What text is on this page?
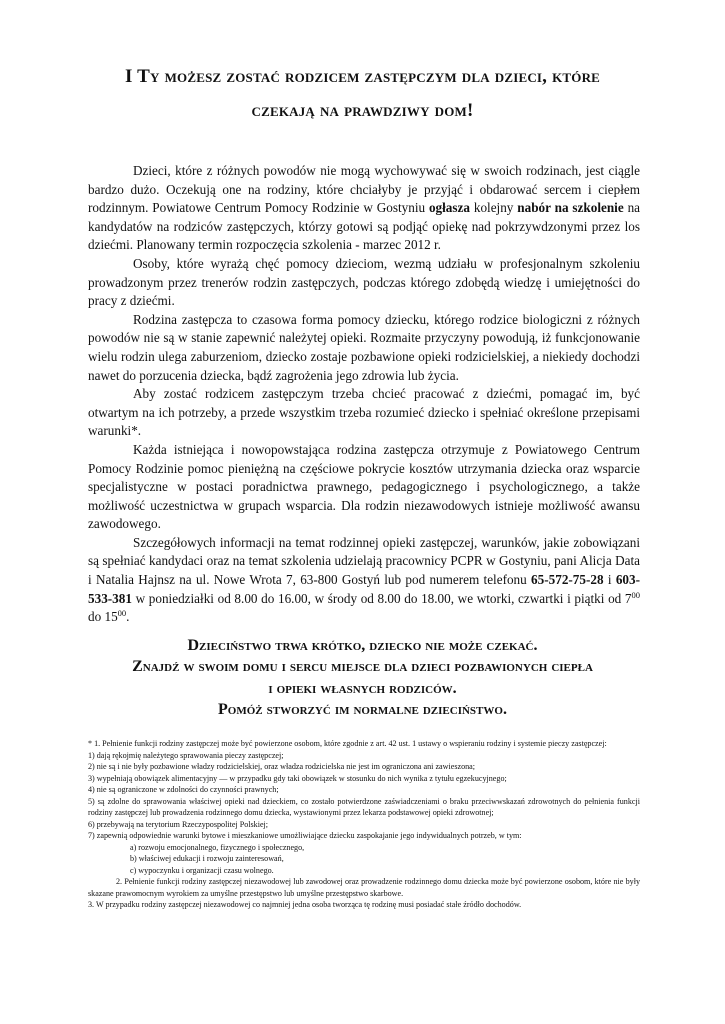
I Ty możesz zostać rodzicem zastępczym dla dzieci, które
czekają na prawdziwy dom!

Dzieci, które z różnych powodów nie mogą wychowywać się w swoich rodzinach, jest ciągle bardzo dużo. Oczekują one na rodziny, które chciałyby je przyjąć i obdarować sercem i ciepłem rodzinnym. Powiatowe Centrum Pomocy Rodzinie w Gostyniu ogłasza kolejny nabór na szkolenie na kandydatów na rodziców zastępczych, którzy gotowi są podjąć opiekę nad pokrzywdzonymi przez los dziećmi. Planowany termin rozpoczęcia szkolenia - marzec 2012 r.

Osoby, które wyrażą chęć pomocy dzieciom, wezmą udziału w profesjonalnym szkoleniu prowadzonym przez trenerów rodzin zastępczych, podczas którego zdobędą wiedzę i umiejętności do pracy z dziećmi.

Rodzina zastępcza to czasowa forma pomocy dziecku, którego rodzice biologiczni z różnych powodów nie są w stanie zapewnić należytej opieki. Rozmaite przyczyny powodują, iż funkcjonowanie wielu rodzin ulega zaburzeniom, dziecko zostaje pozbawione opieki rodzicielskiej, a niekiedy dochodzi nawet do porzucenia dziecka, bądź zagrożenia jego zdrowia lub życia.

Aby zostać rodzicem zastępczym trzeba chcieć pracować z dziećmi, pomagać im, być otwartym na ich potrzeby, a przede wszystkim trzeba rozumieć dziecko i spełniać określone przepisami warunki*.

Każda istniejąca i nowopowstająca rodzina zastępcza otrzymuje z Powiatowego Centrum Pomocy Rodzinie pomoc pieniężną na częściowe pokrycie kosztów utrzymania dziecka oraz wsparcie specjalistyczne w postaci poradnictwa prawnego, pedagogicznego i psychologicznego, a także możliwość uczestnictwa w grupach wsparcia. Dla rodzin niezawodowych istnieje możliwość awansu zawodowego.

Szczegółowych informacji na temat rodzinnej opieki zastępczej, warunków, jakie zobowiązani są spełniać kandydaci oraz na temat szkolenia udzielają pracownicy PCPR w Gostyniu, pani Alicja Data i Natalia Hajnsz na ul. Nowe Wrota 7, 63-800 Gostyń lub pod numerem telefonu 65-572-75-28 i 603-533-381 w poniedziałki od 8.00 do 16.00, w środy od 8.00 do 18.00, we wtorki, czwartki i piątki od $7^{00}$ do $15^{00}$.

Dzieciństwo trwa krótko, dziecko nie może czekać.
Znajdź w swoim domu i sercu miejsce dla dzieci pozbawionych ciepła
i opieki własnych rodziców.
Pomóż stworzyć im normalne dzieciństwo.
* 1. Pełnienie funkcji rodziny zastępczej może być powierzone osobom, które zgodnie z art. 42 ust. 1 ustawy o wspieraniu rodziny i systemie pieczy zastępczej:
1) dają rękojmię należytego sprawowania pieczy zastępczej;
2) nie są i nie były pozbawione władzy rodzicielskiej, oraz władza rodzicielska nie jest im ograniczona ani zawieszona;
3) wypełniają obowiązek alimentacyjny — w przypadku gdy taki obowiązek w stosunku do nich wynika z tytułu egzekucyjnego;
4) nie są ograniczone w zdolności do czynności prawnych;
5) są zdolne do sprawowania właściwej opieki nad dzieckiem, co zostało potwierdzone zaświadczeniami o braku przeciwwskazań zdrowotnych do pełnienia funkcji rodziny zastępczej lub prowadzenia rodzinnego domu dziecka, wystawionymi przez lekarza podstawowej opieki zdrowotnej;
6) przebywają na terytorium Rzeczypospolitej Polskiej;
7) zapewnią odpowiednie warunki bytowe i mieszkaniowe umożliwiające dziecku zaspokajanie jego indywidualnych potrzeb, w tym:
a) rozwoju emocjonalnego, fizycznego i społecznego,
b) właściwej edukacji i rozwoju zainteresowań,
c) wypoczynku i organizacji czasu wolnego.
2. Pełnienie funkcji rodziny zastępczej niezawodowej lub zawodowej oraz prowadzenie rodzinnego domu dziecka może być powierzone osobom, które nie były skazane prawomocnym wyrokiem za umyślne przestępstwo lub umyślne przestępstwo skarbowe.
3. W przypadku rodziny zastępczej niezawodowej co najmniej jedna osoba tworząca tę rodzinę musi posiadać stałe źródło dochodów.
